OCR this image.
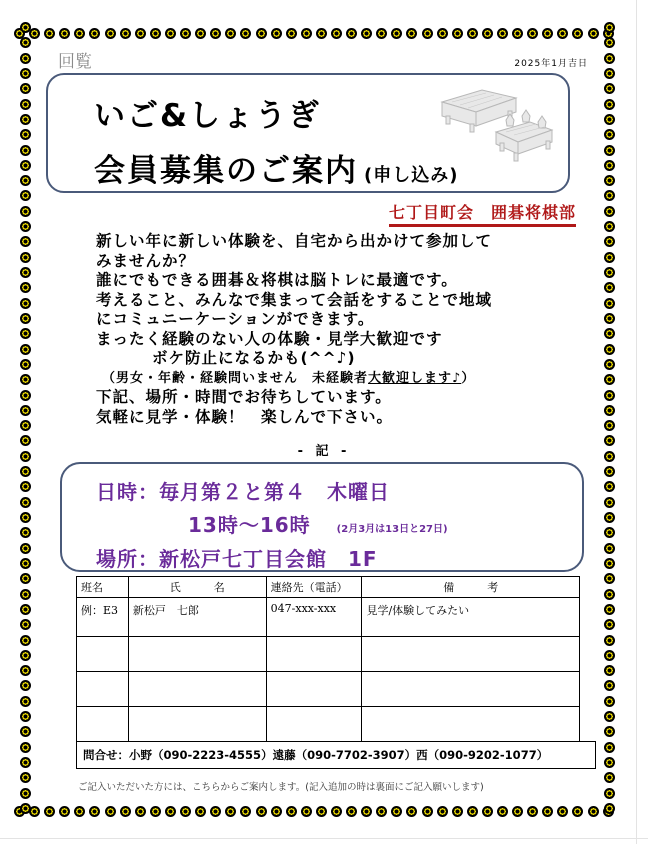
回覧	2025年1月吉日
いご&しょうぎ
会員募集のご案内 (申し込み)
七丁目町会　囲碁将棋部
新しい年に新しい体験を、自宅から出かけて参加して
みませんか？
誰にでもできる囲碁＆将棋は脳トレに最適です。
考えること、みんなで集まって会話をすることで地域
にコミュニーケーションができます。
まったく経験のない人の体験・見学大歓迎です
ボケ防止になるかも(^^♪)
（男女・年齢・経験問いません　未経験者大歓迎します♪）
下記、場所・時間でお待ちしています。
気軽に見学・体験！　楽しんで下さい。
- 記 -
日時：毎月第２と第４　木曜日
13時～16時	(2月3月は13日と27日)
場所：新松戸七丁目会館　1F
班名	氏　　　名	連絡先（電話）	備　　　考
例：E3	新松戸　七郎	047-xxx-xxx	見学/体験してみたい

問合せ：小野（090-2223-4555）遠藤（090-7702-3907）西（090-9202-1077）
ご記入いただいた方には、こちらからご案内します。(記入追加の時は裏面にご記入願いします)
